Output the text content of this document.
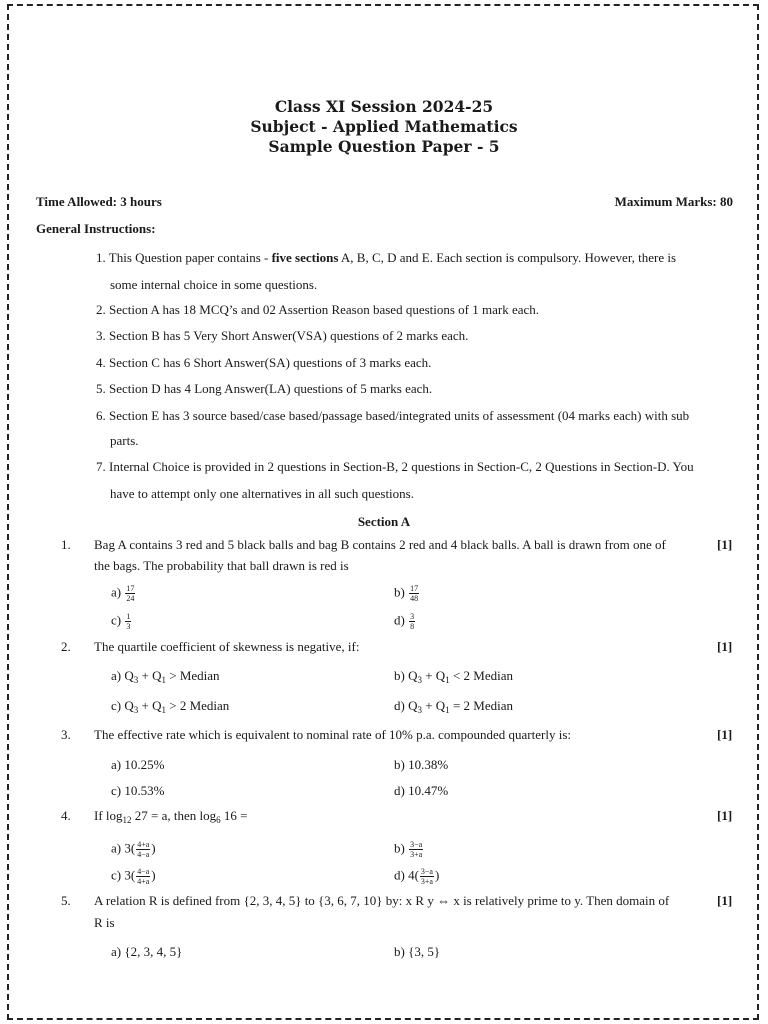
Class XI Session 2024-25
Subject - Applied Mathematics
Sample Question Paper - 5
Time Allowed: 3 hours	Maximum Marks: 80
General Instructions:
1. This Question paper contains - five sections A, B, C, D and E. Each section is compulsory. However, there is
some internal choice in some questions.
2. Section A has 18 MCQ’s and 02 Assertion Reason based questions of 1 mark each.
3. Section B has 5 Very Short Answer(VSA) questions of 2 marks each.
4. Section C has 6 Short Answer(SA) questions of 3 marks each.
5. Section D has 4 Long Answer(LA) questions of 5 marks each.
6. Section E has 3 source based/case based/passage based/integrated units of assessment (04 marks each) with sub
parts.
7. Internal Choice is provided in 2 questions in Section-B, 2 questions in Section-C, 2 Questions in Section-D. You
have to attempt only one alternatives in all such questions.
Section A
1. Bag A contains 3 red and 5 black balls and bag B contains 2 red and 4 black balls. A ball is drawn from one of	[1]
the bags. The probability that ball drawn is red is
$a) \frac{17}{24}$	$b) \frac{17}{48}$
$c) \frac{1}{3}$	$d) \frac{3}{8}$
2. The quartile coefficient of skewness is negative, if:	[1]
a) $Q_3 + Q_1$ > Median	b) $Q_3 + Q_1 < 2$ Median
c) $Q_3 + Q_1 > 2$ Median	d) $Q_3 + Q_1 = 2$ Median
3. The effective rate which is equivalent to nominal rate of 10% p.a. compounded quarterly is:	[1]
a) 10.25%	b) 10.38%
c) 10.53%	d) 10.47%
4. If $\log_{12} 27 = a$, then $\log_6 16$ =	[1]
a) $3( \frac{4+a}{4-a}$ )	$b) \frac{3-a}{3+a}$
c) $3( \frac{4-a}{4+a}$ )	d) $4( \frac{3-a}{3+a}$ )
5. A relation R is defined from {2, 3, 4, 5} to {3, 6, 7, 10} by: x R y ⇔ x is relatively prime to y. Then domain of	[1]
R is
a) {2, 3, 4, 5}	b) {3, 5}
